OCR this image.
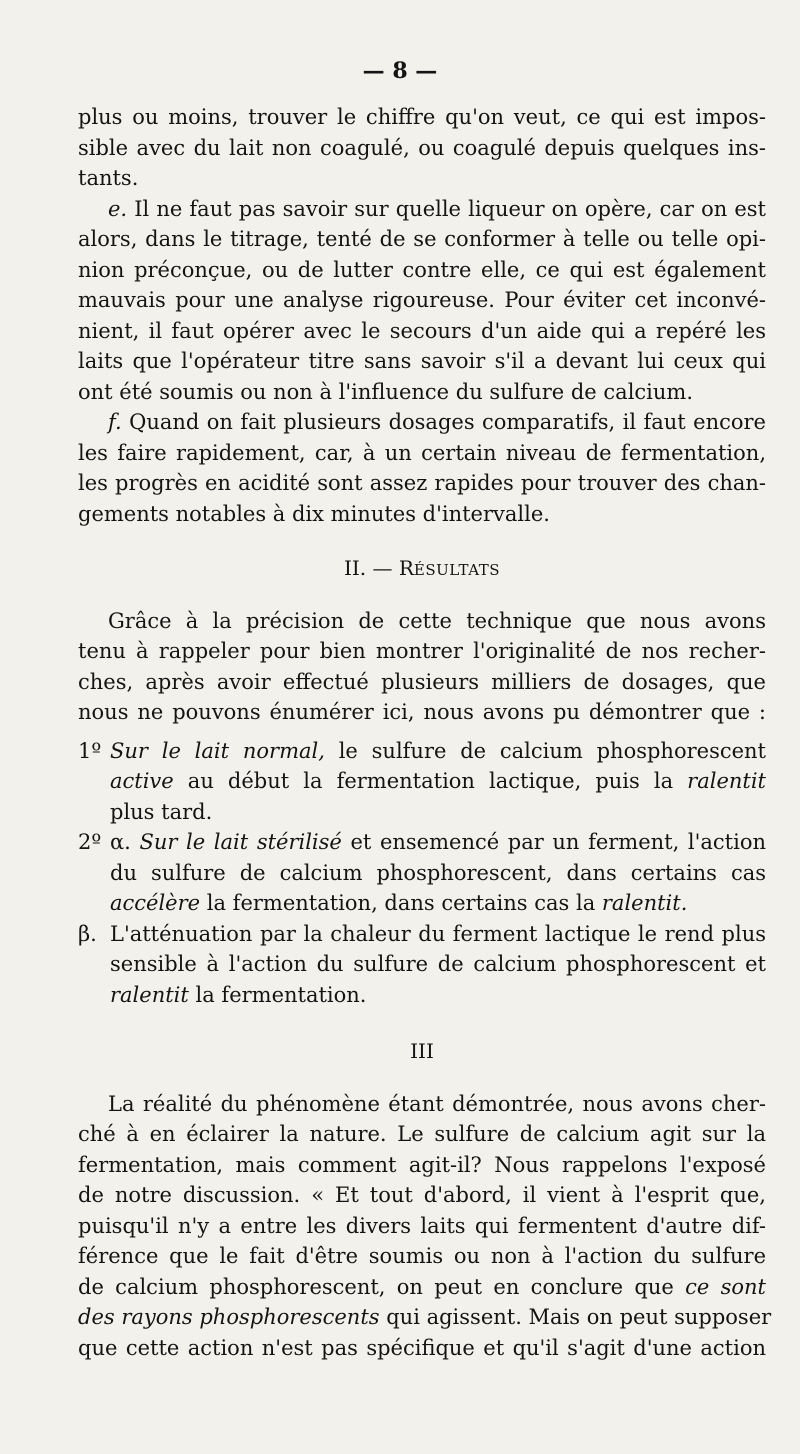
— 8 —
plus ou moins, trouver le chiffre qu'on veut, ce qui est impos-
sible avec du lait non coagulé, ou coagulé depuis quelques ins-
tants.
e. Il ne faut pas savoir sur quelle liqueur on opère, car on est
alors, dans le titrage, tenté de se conformer à telle ou telle opi-
nion préconçue, ou de lutter contre elle, ce qui est également
mauvais pour une analyse rigoureuse. Pour éviter cet inconvé-
nient, il faut opérer avec le secours d'un aide qui a repéré les
laits que l'opérateur titre sans savoir s'il a devant lui ceux qui
ont été soumis ou non à l'influence du sulfure de calcium.
f. Quand on fait plusieurs dosages comparatifs, il faut encore
les faire rapidement, car, à un certain niveau de fermentation,
les progrès en acidité sont assez rapides pour trouver des chan-
gements notables à dix minutes d'intervalle.
II. — RÉSULTATS
Grâce à la précision de cette technique que nous avons
tenu à rappeler pour bien montrer l'originalité de nos recher-
ches, après avoir effectué plusieurs milliers de dosages, que
nous ne pouvons énumérer ici, nous avons pu démontrer que :
1º Sur le lait normal, le sulfure de calcium phosphorescent
active au début la fermentation lactique, puis la ralentit
plus tard.
2º α. Sur le lait stérilisé et ensemencé par un ferment, l'action
du sulfure de calcium phosphorescent, dans certains cas
accélère la fermentation, dans certains cas la ralentit.
β. L'atténuation par la chaleur du ferment lactique le rend plus
sensible à l'action du sulfure de calcium phosphorescent et
ralentit la fermentation.
III
La réalité du phénomène étant démontrée, nous avons cher-
ché à en éclairer la nature. Le sulfure de calcium agit sur la
fermentation, mais comment agit-il? Nous rappelons l'exposé
de notre discussion. « Et tout d'abord, il vient à l'esprit que,
puisqu'il n'y a entre les divers laits qui fermentent d'autre dif-
férence que le fait d'être soumis ou non à l'action du sulfure
de calcium phosphorescent, on peut en conclure que ce sont
des rayons phosphorescents qui agissent. Mais on peut supposer
que cette action n'est pas spécifique et qu'il s'agit d'une action
